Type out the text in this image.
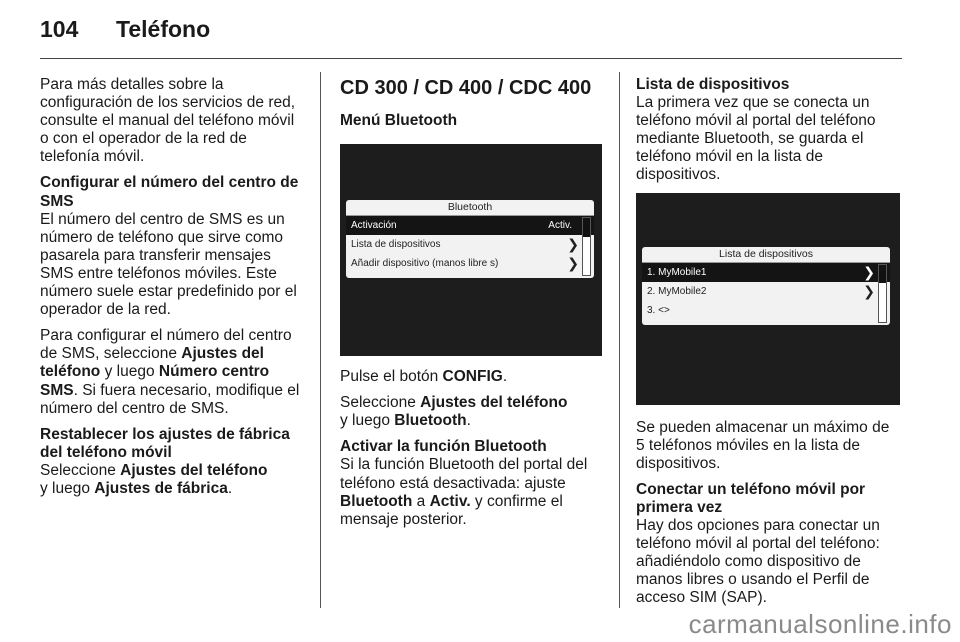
104	Teléfono

Para más detalles sobre la configuración de los servicios de red, consulte el manual del teléfono móvil o con el operador de la red de telefonía móvil.

Configurar el número del centro de SMS

El número del centro de SMS es un número de teléfono que sirve como pasarela para transferir mensajes SMS entre teléfonos móviles. Este número suele estar predefinido por el operador de la red.

Para configurar el número del centro de SMS, seleccione Ajustes del teléfono y luego Número centro SMS. Si fuera necesario, modifique el número del centro de SMS.

Restablecer los ajustes de fábrica del teléfono móvil

Seleccione Ajustes del teléfono

y luego Ajustes de fábrica.

CD 300 / CD 400 / CDC 400
Menú Bluetooth
Bluetooth
Activación	Activ.
Lista de dispositivos	❯
Añadir dispositivo (manos libre s)	❯

Pulse el botón CONFIG.

Seleccione Ajustes del teléfono

y luego Bluetooth.

Activar la función Bluetooth

Si la función Bluetooth del portal del teléfono está desactivada: ajuste Bluetooth a Activ. y confirme el mensaje posterior.

Lista de dispositivos

La primera vez que se conecta un teléfono móvil al portal del teléfono mediante Bluetooth, se guarda el teléfono móvil en la lista de dispositivos.

Lista de dispositivos
1. MyMobile1	❯
2. MyMobile2	❯
3. <>

Se pueden almacenar un máximo de 5 teléfonos móviles en la lista de dispositivos.

Conectar un teléfono móvil por primera vez

Hay dos opciones para conectar un teléfono móvil al portal del teléfono: añadiéndolo como dispositivo de manos libres o usando el Perfil de acceso SIM (SAP).

carmanualsonline.info
